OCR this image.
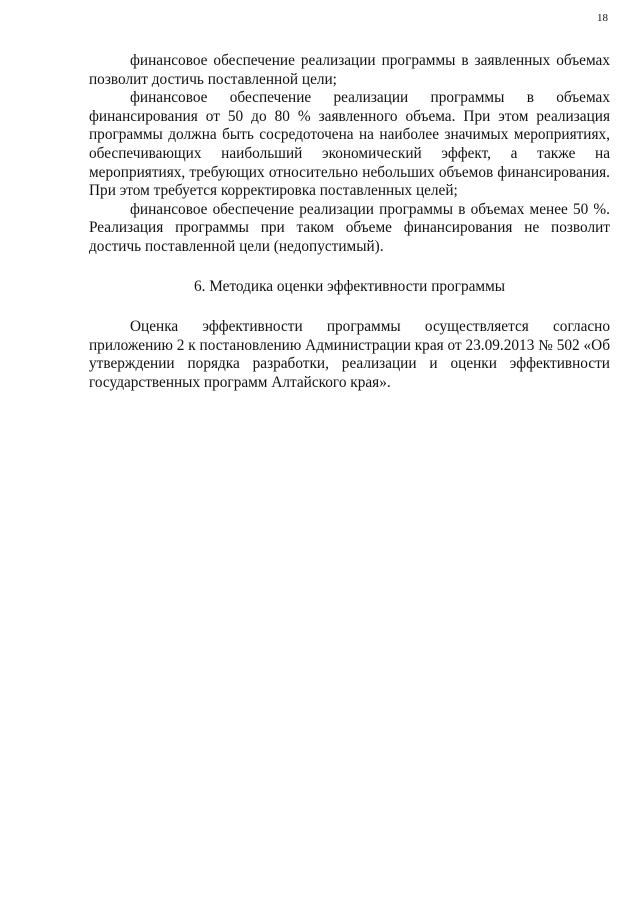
18

финансовое обеспечение реализации программы в заявленных объемах позволит достичь поставленной цели;

финансовое обеспечение реализации программы в объемах финансирования от 50 до 80 % заявленного объема. При этом реализация программы должна быть сосредоточена на наиболее значимых мероприятиях, обеспечивающих наибольший экономический эффект, а также на мероприятиях, требующих относительно небольших объемов финансирования. При этом требуется корректировка поставленных целей;

финансовое обеспечение реализации программы в объемах менее 50 %. Реализация программы при таком объеме финансирования не позволит достичь поставленной цели (недопустимый).

6. Методика оценки эффективности программы

Оценка эффективности программы осуществляется согласно приложению 2 к постановлению Администрации края от 23.09.2013 № 502 «Об утверждении порядка разработки, реализации и оценки эффективности государственных программ Алтайского края».
